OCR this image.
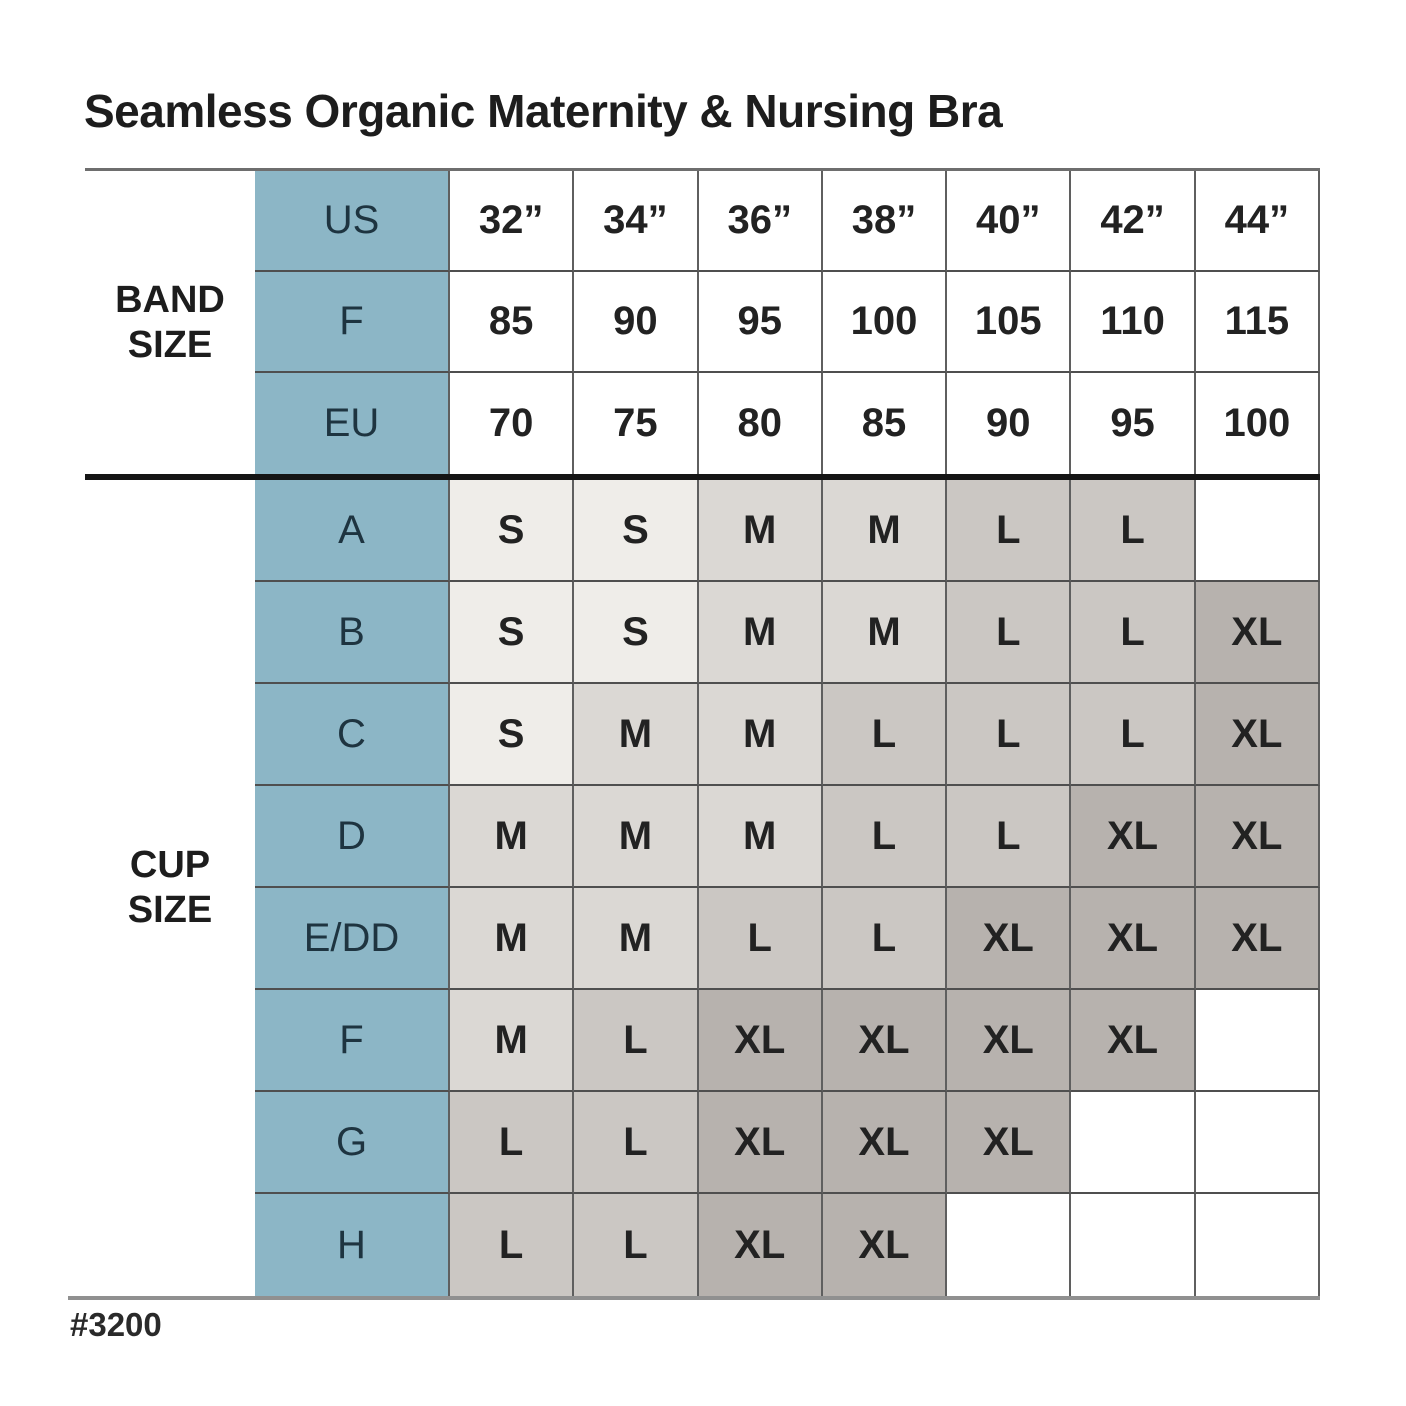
Seamless Organic Maternity & Nursing Bra
BAND
SIZE
US	32”	34”	36”	38”	40”	42”	44”
F	85	90	95	100	105	110	115
EU	70	75	80	85	90	95	100
CUP
SIZE
A	S	S	M	M	L	L
B	S	S	M	M	L	L	XL
C	S	M	M	L	L	L	XL
D	M	M	M	L	L	XL	XL
E/DD	M	M	L	L	XL	XL	XL
F	M	L	XL	XL	XL	XL
G	L	L	XL	XL	XL
H	L	L	XL	XL
#3200
